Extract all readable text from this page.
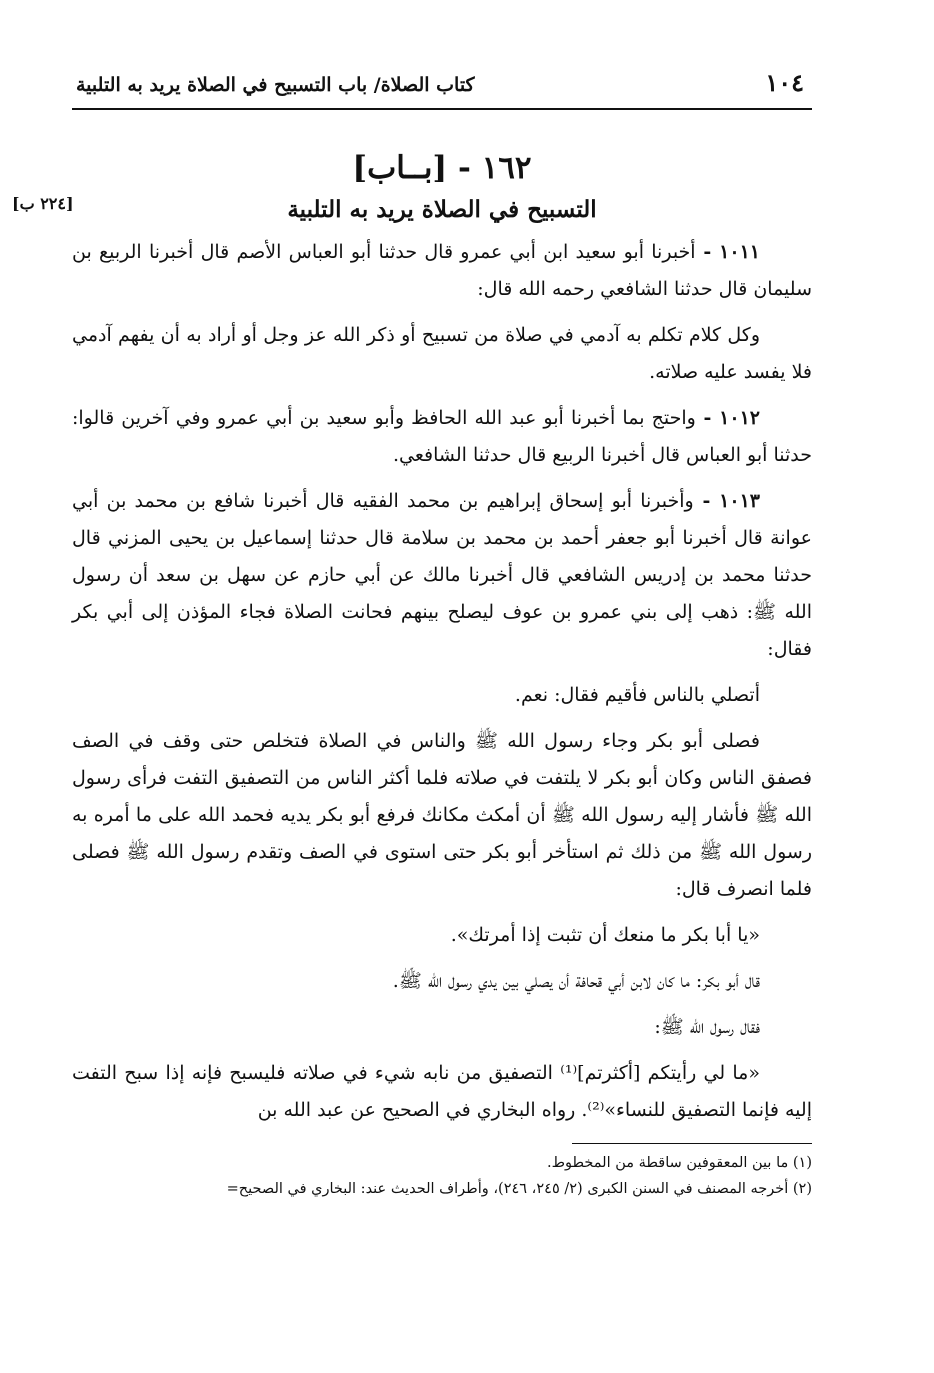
١٠٤
كتاب الصلاة/ باب التسبيح في الصلاة يريد به التلبية
١٦٢ - [بــاب]
التسبيح في الصلاة يريد به التلبية
[٢٢٤ ب]

١٠١١ - أخبرنا أبو سعيد ابن أبي عمرو قال حدثنا أبو العباس الأصم قال أخبرنا الربيع بن سليمان قال حدثنا الشافعي رحمه الله قال:

وكل كلام تكلم به آدمي في صلاة من تسبيح أو ذكر الله عز وجل أو أراد به أن يفهم آدمي فلا يفسد عليه صلاته.

١٠١٢ - واحتج بما أخبرنا أبو عبد الله الحافظ وأبو سعيد بن أبي عمرو وفي آخرين قالوا: حدثنا أبو العباس قال أخبرنا الربيع قال حدثنا الشافعي.

١٠١٣ - وأخبرنا أبو إسحاق إبراهيم بن محمد الفقيه قال أخبرنا شافع بن محمد بن أبي عوانة قال أخبرنا أبو جعفر أحمد بن محمد بن سلامة قال حدثنا إسماعيل بن يحيى المزني قال حدثنا محمد بن إدريس الشافعي قال أخبرنا مالك عن أبي حازم عن سهل بن سعد أن رسول الله ﷺ: ذهب إلى بني عمرو بن عوف ليصلح بينهم فحانت الصلاة فجاء المؤذن إلى أبي بكر فقال:

أتصلي بالناس فأقيم فقال: نعم.

فصلى أبو بكر وجاء رسول الله ﷺ والناس في الصلاة فتخلص حتى وقف في الصف فصفق الناس وكان أبو بكر لا يلتفت في صلاته فلما أكثر الناس من التصفيق التفت فرأى رسول الله ﷺ فأشار إليه رسول الله ﷺ أن أمكث مكانك فرفع أبو بكر يديه فحمد الله على ما أمره به رسول الله ﷺ من ذلك ثم استأخر أبو بكر حتى استوى في الصف وتقدم رسول الله ﷺ فصلى فلما انصرف قال:

«يا أبا بكر ما منعك أن تثبت إذا أمرتك».

قال أبو بكر: ما كان لابن أبي قحافة أن يصلي بين يدي رسول الله ﷺ.

فقال رسول الله ﷺ:

«ما لي رأيتكم [أكثرتم]⁽¹⁾ التصفيق من نابه شيء في صلاته فليسبح فإنه إذا سبح التفت إليه فإنما التصفيق للنساء»⁽²⁾. رواه البخاري في الصحيح عن عبد الله بن

(١) ما بين المعقوفين ساقطة من المخطوط.
(٢) أخرجه المصنف في السنن الكبرى (٢/ ٢٤٥، ٢٤٦)، وأطراف الحديث عند: البخاري في الصحيح=
